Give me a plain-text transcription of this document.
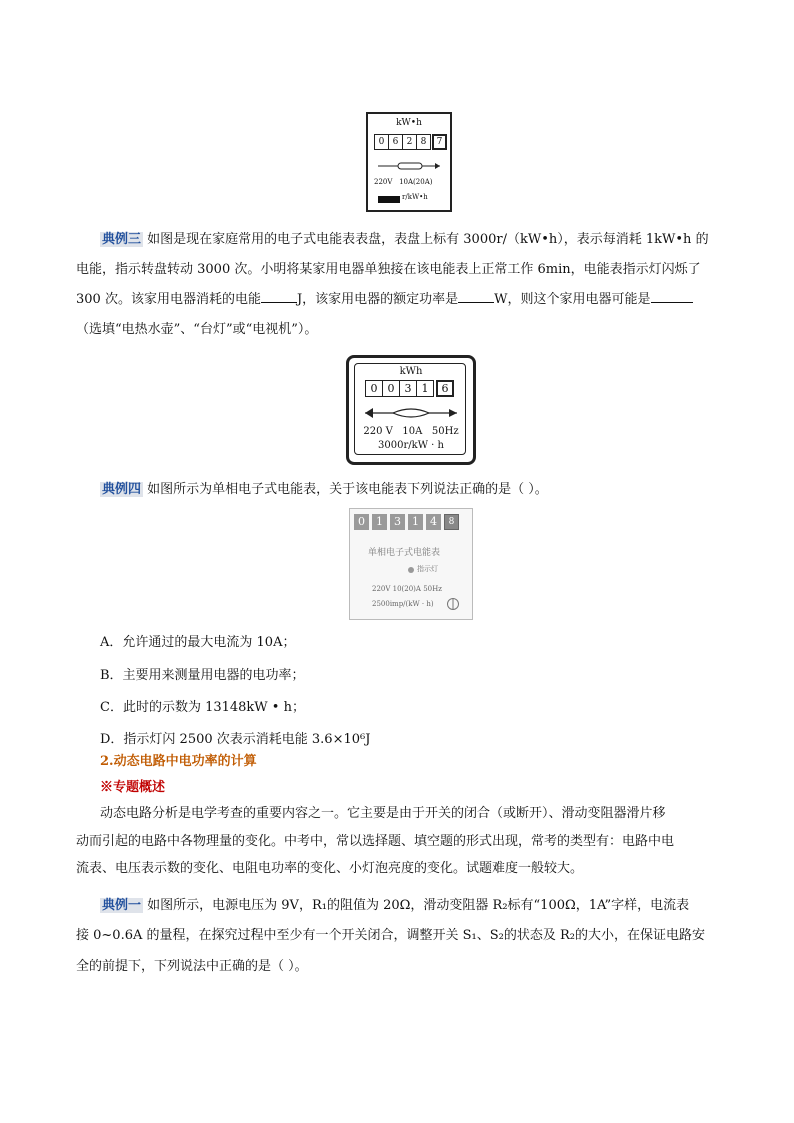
kW•h
0 6 2 8	7
220V   10A(20A)
r/kW•h
典例三 如图是现在家庭常用的电子式电能表表盘，表盘上标有 3000r/（kW•h），表示每消耗 1kW•h 的
电能，指示转盘转动 3000 次。小明将某家用电器单独接在该电能表上正常工作 6min，电能表指示灯闪烁了
300 次。该家用电器消耗的电能	J，该家用电器的额定功率是	W，则这个家用电器可能是
（选填“电热水壶”、“台灯”或“电视机”）。
kWh
0 0 3 1	6
220 V   10A   50Hz
3000r/kW · h
典例四 如图所示为单相电子式电能表，关于该电能表下列说法正确的是（ ）。
0	1	3	1	4	8
单相电子式电能表
指示灯
220V 10(20)A 50Hz
2500imp/(kW · h)
A．允许通过的最大电流为 10A；
B．主要用来测量用电器的电功率；
C．此时的示数为 13148kW • h；
D．指示灯闪 2500 次表示消耗电能 3.6×10⁶J
2.动态电路中电功率的计算
※专题概述
动态电路分析是电学考查的重要内容之一。它主要是由于开关的闭合（或断开）、滑动变阻器滑片移
动而引起的电路中各物理量的变化。中考中，常以选择题、填空题的形式出现，常考的类型有：电路中电
流表、电压表示数的变化、电阻电功率的变化、小灯泡亮度的变化。试题难度一般较大。
典例一 如图所示，电源电压为 9V，R₁的阻值为 20Ω，滑动变阻器 R₂标有“100Ω，1A”字样，电流表
接 0~0.6A 的量程，在探究过程中至少有一个开关闭合，调整开关 S₁、S₂的状态及 R₂的大小，在保证电路安
全的前提下，下列说法中正确的是（ ）。
